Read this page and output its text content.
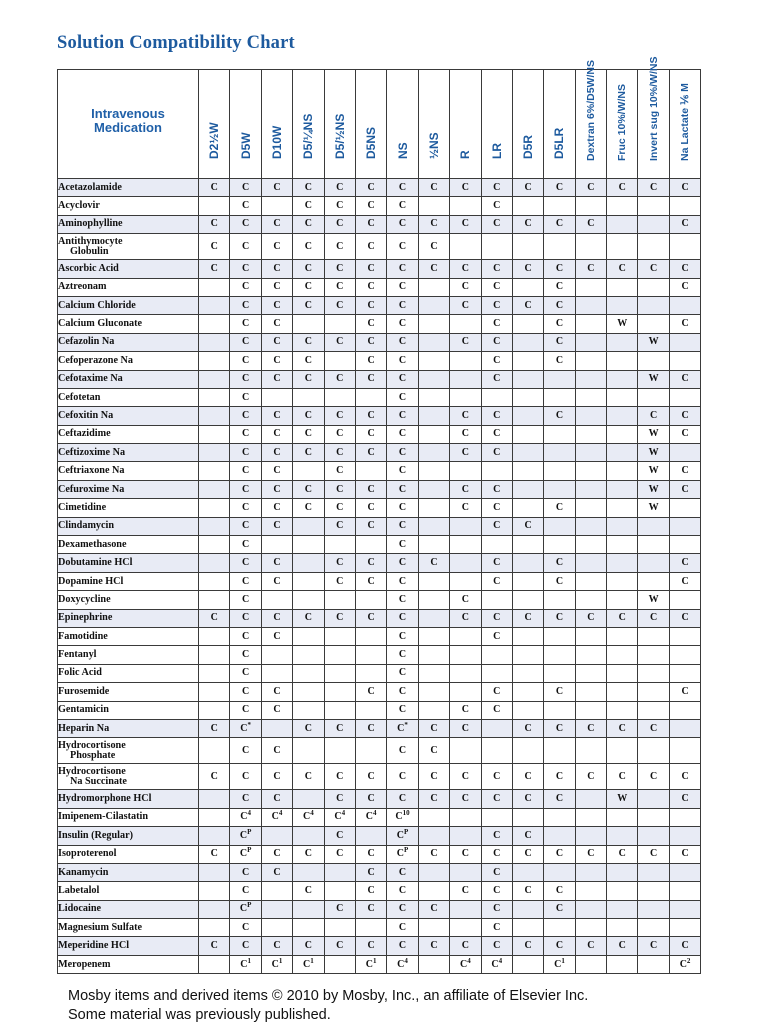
Solution Compatibility Chart
Intravenous
Medication	D2½W	D5W	D10W	D5/¼NS	D5/½NS	D5NS	NS	½NS	R	LR	D5R	D5LR	Dextran 6%/D5W/NS	Fruc 10%/W/NS	Invert sug 10%/W/NS	Na Lactate ⅙ M

Acetazolamide	C	C	C	C	C	C	C	C	C	C	C	C	C	C	C	C
Acyclovir		C		C	C	C	C			C						
Aminophylline	C	C	C	C	C	C	C	C	C	C	C	C	C			C
Antithymocyte
Globulin	C	C	C	C	C	C	C	C								
Ascorbic Acid	C	C	C	C	C	C	C	C	C	C	C	C	C	C	C	C
Aztreonam		C	C	C	C	C	C		C	C		C				C
Calcium Chloride		C	C	C	C	C	C		C	C	C	C				
Calcium Gluconate		C	C			C	C			C		C		W		C
Cefazolin Na		C	C	C	C	C	C		C	C		C			W	
Cefoperazone Na		C	C	C		C	C			C		C				
Cefotaxime Na		C	C	C	C	C	C			C					W	C
Cefotetan		C					C									
Cefoxitin Na		C	C	C	C	C	C		C	C		C			C	C
Ceftazidime		C	C	C	C	C	C		C	C					W	C
Ceftizoxime Na		C	C	C	C	C	C		C	C					W	
Ceftriaxone Na		C	C		C		C								W	C
Cefuroxime Na		C	C	C	C	C	C		C	C					W	C
Cimetidine		C	C	C	C	C	C		C	C		C			W	
Clindamycin		C	C		C	C	C			C	C					
Dexamethasone		C					C									
Dobutamine HCl		C	C		C	C	C	C		C		C				C
Dopamine HCl		C	C		C	C	C			C		C				C
Doxycycline		C					C		C						W	
Epinephrine	C	C	C	C	C	C	C		C	C	C	C	C	C	C	C
Famotidine		C	C				C			C						
Fentanyl		C					C									
Folic Acid		C					C									
Furosemide		C	C			C	C			C		C				C
Gentamicin		C	C				C		C	C						
Heparin Na	C	C*		C	C	C	C*	C	C		C	C	C	C	C	
Hydrocortisone
Phosphate		C	C				C	C								
Hydrocortisone
Na Succinate	C	C	C	C	C	C	C	C	C	C	C	C	C	C	C	C
Hydromorphone HCl		C	C		C	C	C	C	C	C	C	C		W		C
Imipenem-Cilastatin		$C^4$	$C^4$	$C^4$	$C^4$	$C^4$	$C^{10}$									
Insulin (Regular)		$C^P$			C		$C^P$			C	C					
Isoproterenol	C	$C^P$	C	C	C	C	$C^P$	C	C	C	C	C	C	C	C	C
Kanamycin		C	C			C	C			C						
Labetalol		C		C		C	C		C	C	C	C				
Lidocaine		$C^P$			C	C	C	C		C		C				
Magnesium Sulfate		C					C			C						
Meperidine HCl	C	C	C	C	C	C	C	C	C	C	C	C	C	C	C	C
Meropenem		$C^1$	$C^1$	$C^1$		$C^1$	$C^4$		$C^4$	$C^4$		$C^1$				$C^2$
Mosby items and derived items © 2010 by Mosby, Inc., an affiliate of Elsevier Inc.
Some material was previously published.
